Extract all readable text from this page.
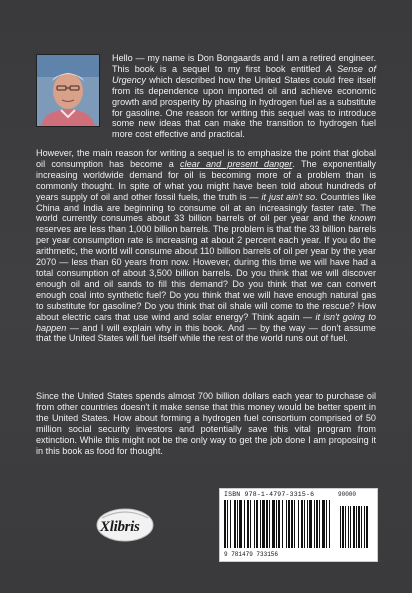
Hello — my name is Don Bongaards and I am a retired engineer. This book is a sequel to my first book entitled A Sense of Urgency which described how the United States could free itself from its dependence upon imported oil and achieve economic growth and prosperity by phasing in hydrogen fuel as a substitute for gasoline. One reason for writing this sequel was to introduce some new ideas that can make the transition to hydrogen fuel more cost effective and practical.
However, the main reason for writing a sequel is to emphasize the point that global oil consumption has become a clear and present danger. The exponentially increasing worldwide demand for oil is becoming more of a problem than is commonly thought. In spite of what you might have been told about hundreds of years supply of oil and other fossil fuels, the truth is — it just ain't so. Countries like China and India are beginning to consume oil at an increasingly faster rate. The world currently consumes about 33 billion barrels of oil per year and the known reserves are less than 1,000 billion barrels. The problem is that the 33 billion barrels per year consumption rate is increasing at about 2 percent each year. If you do the arithmetic, the world will consume about 110 billion barrels of oil per year by the year 2070 — less than 60 years from now. However, during this time we will have had a total consumption of about 3,500 billion barrels. Do you think that we will discover enough oil and oil sands to fill this demand? Do you think that we can convert enough coal into synthetic fuel? Do you think that we will have enough natural gas to substitute for gasoline? Do you think that oil shale will come to the rescue? How about electric cars that use wind and solar energy? Think again — it isn't going to happen — and I will explain why in this book. And — by the way — don't assume that the United States will fuel itself while the rest of the world runs out of fuel.
Since the United States spends almost 700 billion dollars each year to purchase oil from other countries doesn't it make sense that this money would be better spent in the United States. How about forming a hydrogen fuel consortium comprised of 50 million social security investors and potentially save this vital program from extinction. While this might not be the only way to get the job done I am proposing it in this book as food for thought.
Xlibris
ISBN 978-1-4797-3315-6
9 781479 733156
90000
